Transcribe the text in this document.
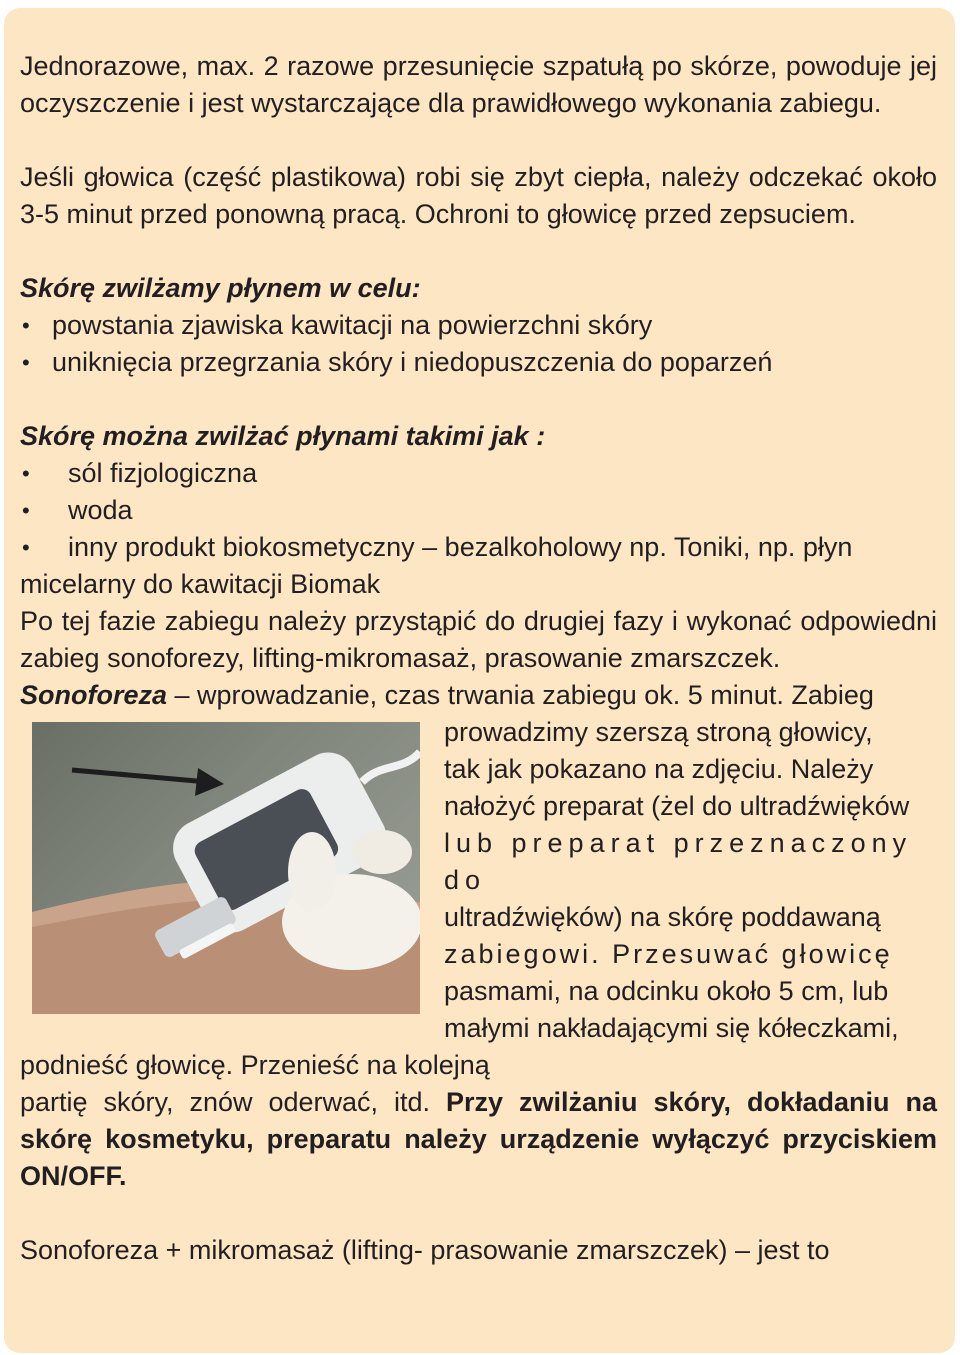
Jednorazowe, max. 2 razowe przesunięcie szpatułą po skórze, powoduje jej oczyszczenie i jest wystarczające dla prawidłowego wykonania zabiegu.

Jeśli głowica (część plastikowa) robi się zbyt ciepła, należy odczekać około 3-5 minut przed ponowną pracą. Ochroni to głowicę przed zepsuciem.

Skórę zwilżamy płynem w celu:

• powstania zjawiska kawitacji na powierzchni skóry

• uniknięcia przegrzania skóry i niedopuszczenia do poparzeń

Skórę można zwilżać płynami takimi jak :

• sól fizjologiczna

• woda

• inny produkt biokosmetyczny – bezalkoholowy np. Toniki, np. płyn

micelarny do kawitacji Biomak

Po tej fazie zabiegu należy przystąpić do drugiej fazy i wykonać odpowiedni zabieg sonoforezy, lifting-mikromasaż, prasowanie zmarszczek.

Sonoforeza – wprowadzanie, czas trwania zabiegu ok. 5 minut. Zabieg

prowadzimy szerszą stroną głowicy,

tak jak pokazano na zdjęciu. Należy

nałożyć preparat (żel do ultradźwięków

lub preparat przeznaczony do

ultradźwięków) na skórę poddawaną

zabiegowi. Przesuwać głowicę

pasmami, na odcinku około 5 cm, lub

małymi nakładającymi się kółeczkami,

podnieść głowicę. Przenieść na kolejną

partię skóry, znów oderwać, itd. Przy zwilżaniu skóry, dokładaniu na skórę kosmetyku, preparatu należy urządzenie wyłączyć przyciskiem ON/OFF.

Sonoforeza + mikromasaż (lifting- prasowanie zmarszczek) – jest to
